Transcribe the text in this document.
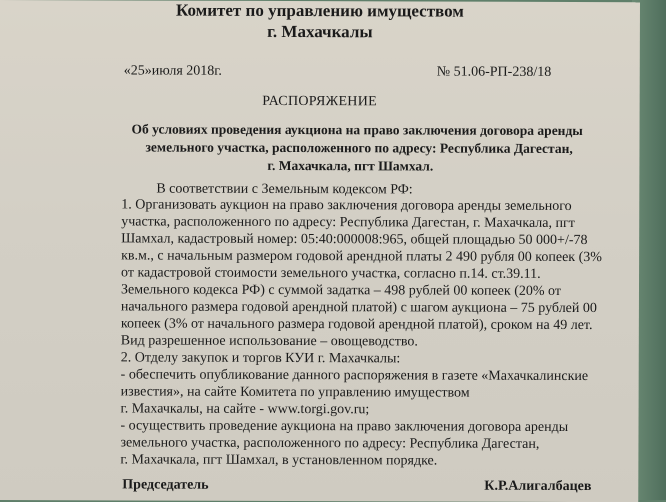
Комитет по управлению имуществом
г. Махачкалы
«25»июля 2018г.	№ 51.06-РП-238/18
РАСПОРЯЖЕНИЕ
Об условиях проведения аукциона на право заключения договора аренды
земельного участка, расположенного по адресу: Республика Дагестан,
г. Махачкала, пгт Шамхал.
В соответствии с Земельным кодексом РФ:
1. Организовать аукцион на право заключения договора аренды земельного
участка, расположенного по адресу: Республика Дагестан, г. Махачкала, пгт
Шамхал, кадастровый номер: 05:40:000008:965, общей площадью 50 000+/-78
кв.м., с начальным размером годовой арендной платы 2 490 рубля 00 копеек (3%
от кадастровой стоимости земельного участка, согласно п.14. ст.39.11.
Земельного кодекса РФ) с суммой задатка – 498 рублей 00 копеек (20% от
начального размера годовой арендной платой) с шагом аукциона – 75 рублей 00
копеек (3% от начального размера годовой арендной платой), сроком на 49 лет.
Вид разрешенное использование – овощеводство.
2. Отделу закупок и торгов КУИ г. Махачкалы:
- обеспечить опубликование данного распоряжения в газете «Махачкалинские
известия», на сайте Комитета по управлению имуществом
г. Махачкалы, на сайте - www.torgi.gov.ru;
- осуществить проведение аукциона на право заключения договора аренды
земельного участка, расположенного по адресу: Республика Дагестан,
г. Махачкала, пгт Шамхал, в установленном порядке.
Председатель	К.Р.Алигалбацев
